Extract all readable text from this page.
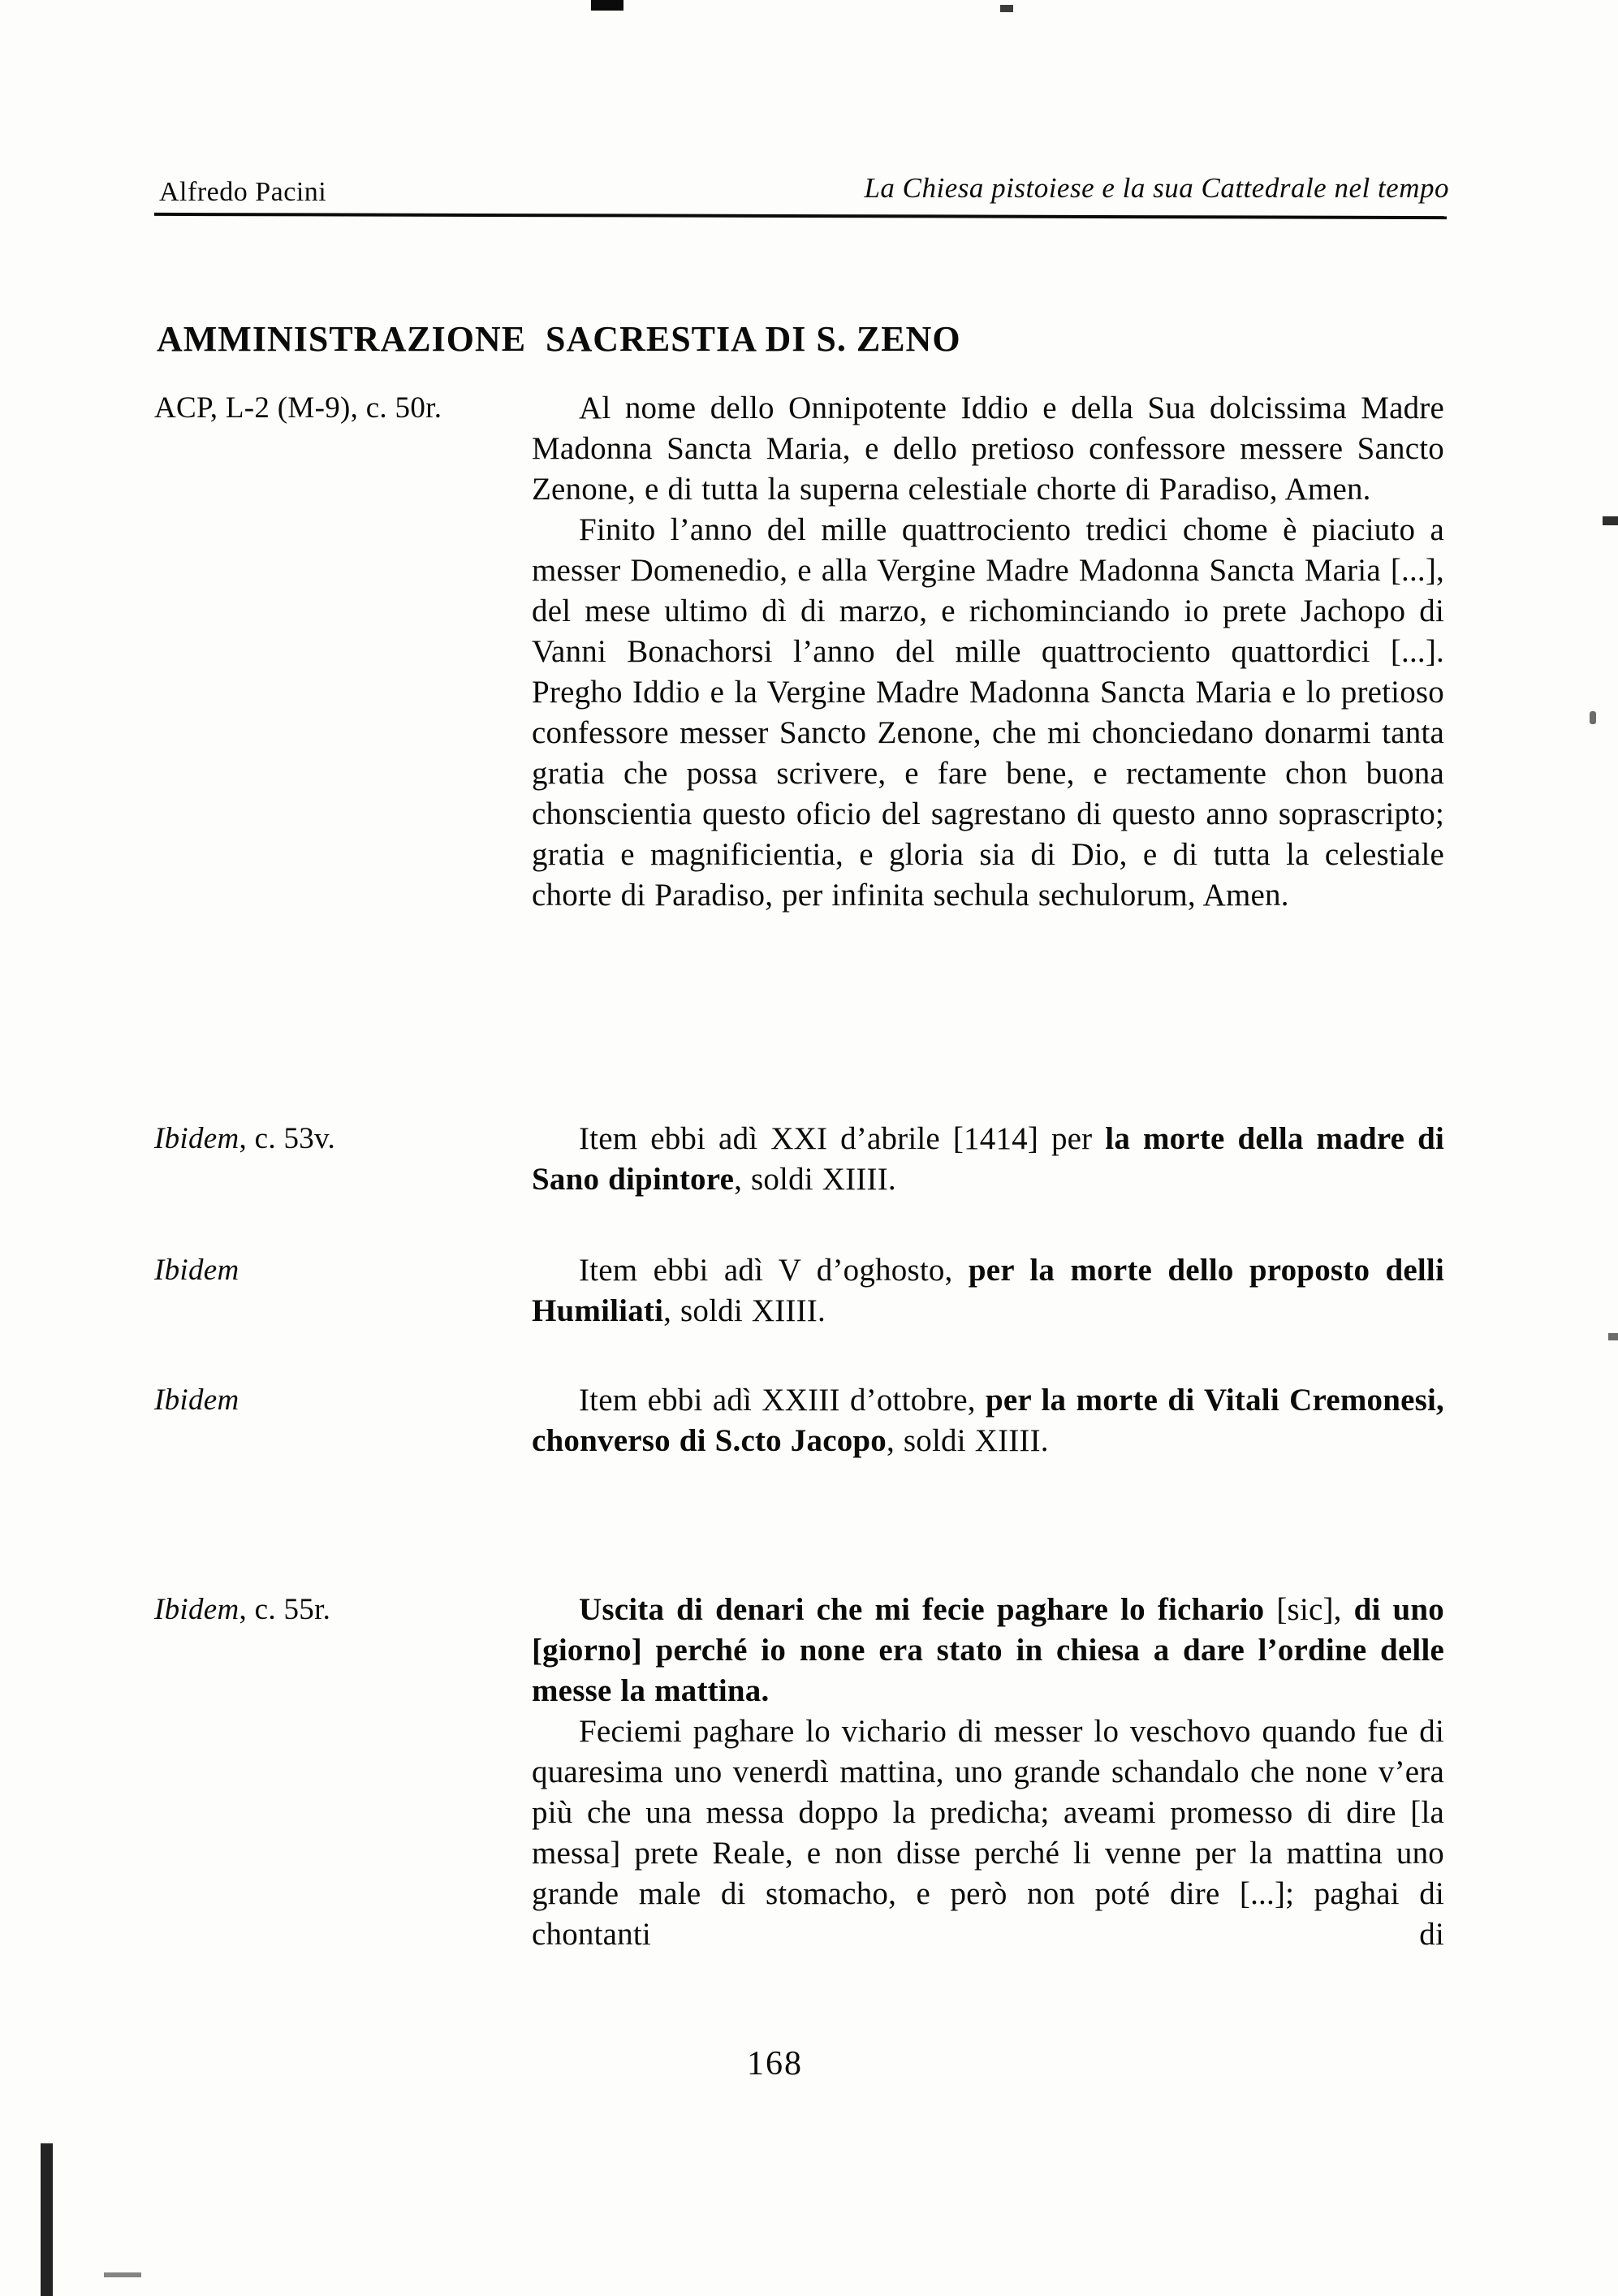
Alfredo Pacini	La Chiesa pistoiese e la sua Cattedrale nel tempo
AMMINISTRAZIONE  SACRESTIA DI S. ZENO
ACP, L-2 (M-9), c. 50r.	Al nome dello Onnipotente Iddio e della Sua dolcissima Madre Madonna Sancta Maria, e dello pretioso confessore messere Sancto Zenone, e di tutta la superna celestiale chorte di Paradiso, Amen.

Finito l’anno del mille quattrociento tredici chome è piaciuto a messer Domenedio, e alla Vergine Madre Madonna Sancta Maria [...], del mese ultimo dì di marzo, e richominciando io prete Jachopo di Vanni Bonachorsi l’anno del mille quattrociento quattordici [...]. Pregho Iddio e la Vergine Madre Madonna Sancta Maria e lo pretioso confessore messer Sancto Zenone, che mi chonciedano donarmi tanta gratia che possa scrivere, e fare bene, e rectamente chon buona chonscientia questo oficio del sagrestano di questo anno soprascripto; gratia e magnificientia, e gloria sia di Dio, e di tutta la celestiale chorte di Paradiso, per infinita sechula sechulorum, Amen.

Ibidem, c. 53v.	Item ebbi adì XXI d’abrile [1414] per la morte della madre di Sano dipintore, soldi XIIII.

Ibidem	Item ebbi adì V d’oghosto, per la morte dello proposto delli Humiliati, soldi XIIII.

Ibidem	Item ebbi adì XXIII d’ottobre, per la morte di Vitali Cremonesi, chonverso di S.cto Jacopo, soldi XIIII.

Ibidem, c. 55r.	Uscita di denari che mi fecie paghare lo fichario [sic], di uno [giorno] perché io none era stato in chiesa a dare l’ordine delle messe la mattina.

Feciemi paghare lo vichario di messer lo veschovo quando fue di quaresima uno venerdì mattina, uno grande schandalo che none v’era più che una messa doppo la predicha; aveami promesso di dire [la messa] prete Reale, e non disse perché li venne per la mattina uno grande male di stomacho, e però non poté dire [...]; paghai di chontanti di

168
